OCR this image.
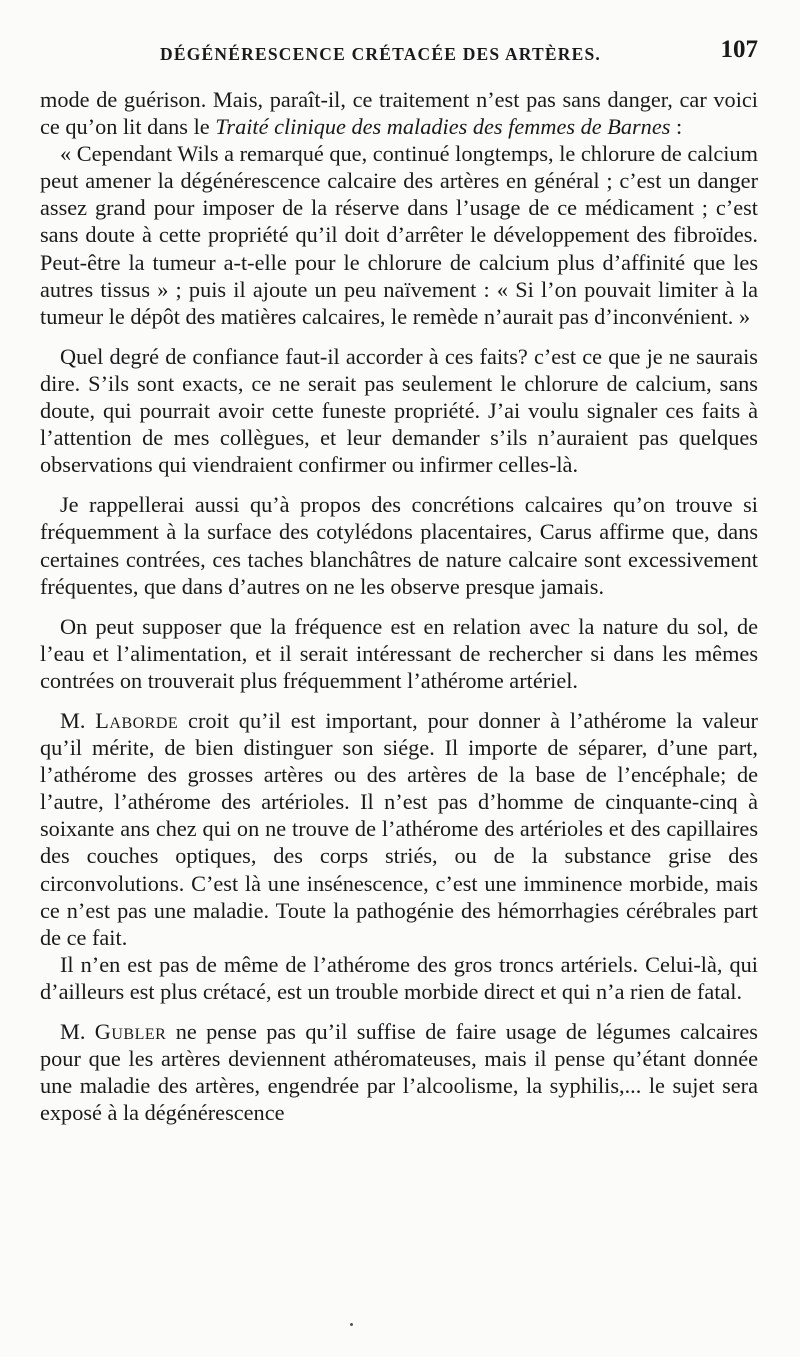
DÉGÉNÉRESCENCE CRÉTACÉE DES ARTÈRES.	107

mode de guérison. Mais, paraît-il, ce traitement n’est pas sans danger, car voici ce qu’on lit dans le Traité clinique des maladies des femmes de Barnes :

« Cependant Wils a remarqué que, continué longtemps, le chlorure de calcium peut amener la dégénérescence calcaire des artères en général ; c’est un danger assez grand pour imposer de la réserve dans l’usage de ce médicament ; c’est sans doute à cette propriété qu’il doit d’arrêter le développement des fibroïdes. Peut-être la tumeur a-t-elle pour le chlorure de calcium plus d’affinité que les autres tissus » ; puis il ajoute un peu naïvement : « Si l’on pouvait limiter à la tumeur le dépôt des matières calcaires, le remède n’aurait pas d’inconvénient. »

Quel degré de confiance faut-il accorder à ces faits? c’est ce que je ne saurais dire. S’ils sont exacts, ce ne serait pas seulement le chlorure de calcium, sans doute, qui pourrait avoir cette funeste propriété. J’ai voulu signaler ces faits à l’attention de mes collègues, et leur demander s’ils n’auraient pas quelques observations qui viendraient confirmer ou infirmer celles-là.

Je rappellerai aussi qu’à propos des concrétions calcaires qu’on trouve si fréquemment à la surface des cotylédons placentaires, Carus affirme que, dans certaines contrées, ces taches blanchâtres de nature calcaire sont excessivement fréquentes, que dans d’autres on ne les observe presque jamais.

On peut supposer que la fréquence est en relation avec la nature du sol, de l’eau et l’alimentation, et il serait intéressant de rechercher si dans les mêmes contrées on trouverait plus fréquemment l’athérome artériel.

M. Laborde croit qu’il est important, pour donner à l’athérome la valeur qu’il mérite, de bien distinguer son siége. Il importe de séparer, d’une part, l’athérome des grosses artères ou des artères de la base de l’encéphale; de l’autre, l’athérome des artérioles. Il n’est pas d’homme de cinquante-cinq à soixante ans chez qui on ne trouve de l’athérome des artérioles et des capillaires des couches optiques, des corps striés, ou de la substance grise des circonvolutions. C’est là une insénescence, c’est une imminence morbide, mais ce n’est pas une maladie. Toute la pathogénie des hémorrhagies cérébrales part de ce fait.

Il n’en est pas de même de l’athérome des gros troncs artériels. Celui-là, qui d’ailleurs est plus crétacé, est un trouble morbide direct et qui n’a rien de fatal.

M. Gubler ne pense pas qu’il suffise de faire usage de légumes calcaires pour que les artères deviennent athéromateuses, mais il pense qu’étant donnée une maladie des artères, engendrée par l’alcoolisme, la syphilis,... le sujet sera exposé à la dégénérescence
